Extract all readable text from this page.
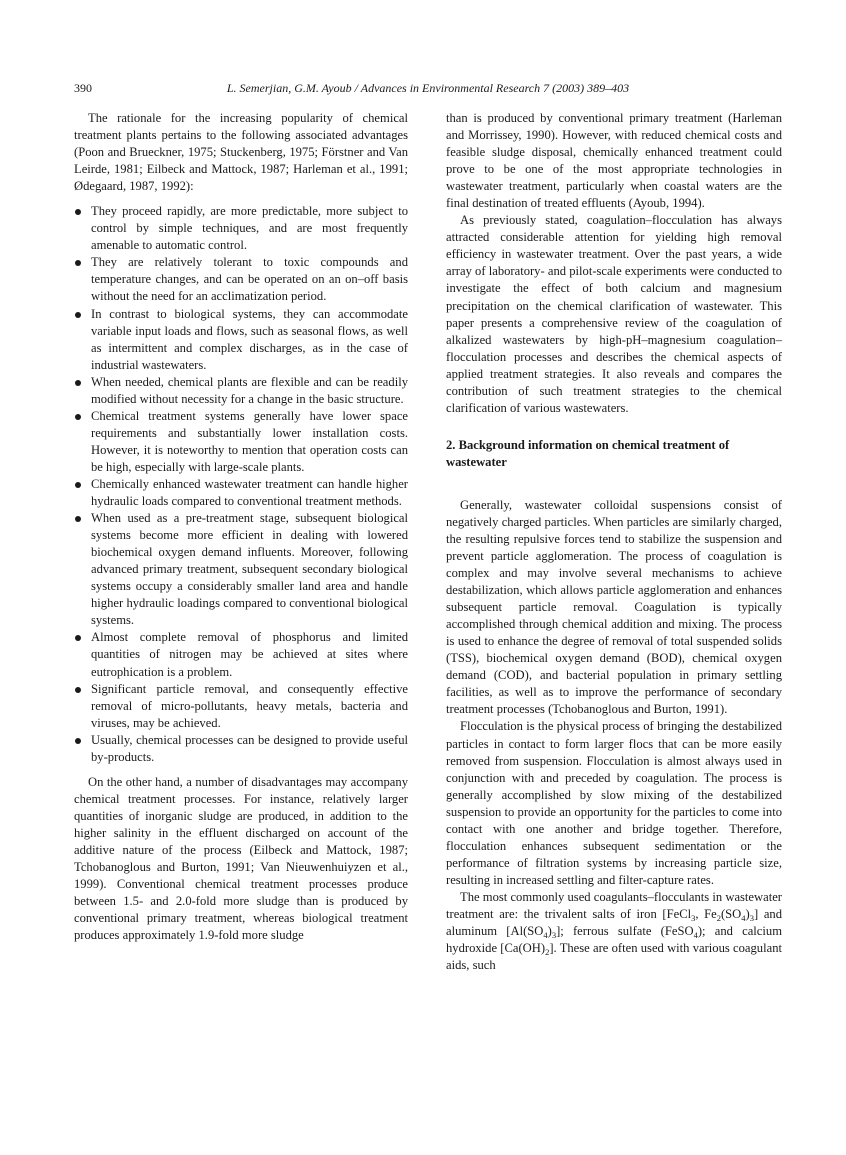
390	L. Semerjian, G.M. Ayoub / Advances in Environmental Research 7 (2003) 389–403

The rationale for the increasing popularity of chemical treatment plants pertains to the following associated advantages (Poon and Brueckner, 1975; Stuckenberg, 1975; Förstner and Van Leirde, 1981; Eilbeck and Mattock, 1987; Harleman et al., 1991; Ødegaard, 1987, 1992):

They proceed rapidly, are more predictable, more subject to control by simple techniques, and are most frequently amenable to automatic control.
They are relatively tolerant to toxic compounds and temperature changes, and can be operated on an on–off basis without the need for an acclimatization period.
In contrast to biological systems, they can accommodate variable input loads and flows, such as seasonal flows, as well as intermittent and complex discharges, as in the case of industrial wastewaters.
When needed, chemical plants are flexible and can be readily modified without necessity for a change in the basic structure.
Chemical treatment systems generally have lower space requirements and substantially lower installation costs. However, it is noteworthy to mention that operation costs can be high, especially with large-scale plants.
Chemically enhanced wastewater treatment can handle higher hydraulic loads compared to conventional treatment methods.
When used as a pre-treatment stage, subsequent biological systems become more efficient in dealing with lowered biochemical oxygen demand influents. Moreover, following advanced primary treatment, subsequent secondary biological systems occupy a considerably smaller land area and handle higher hydraulic loadings compared to conventional biological systems.
Almost complete removal of phosphorus and limited quantities of nitrogen may be achieved at sites where eutrophication is a problem.
Significant particle removal, and consequently effective removal of micro-pollutants, heavy metals, bacteria and viruses, may be achieved.
Usually, chemical processes can be designed to provide useful by-products.

On the other hand, a number of disadvantages may accompany chemical treatment processes. For instance, relatively larger quantities of inorganic sludge are produced, in addition to the higher salinity in the effluent discharged on account of the additive nature of the process (Eilbeck and Mattock, 1987; Tchobanoglous and Burton, 1991; Van Nieuwenhuiyzen et al., 1999). Conventional chemical treatment processes produce between 1.5- and 2.0-fold more sludge than is produced by conventional primary treatment, whereas biological treatment produces approximately 1.9-fold more sludge

than is produced by conventional primary treatment (Harleman and Morrissey, 1990). However, with reduced chemical costs and feasible sludge disposal, chemically enhanced treatment could prove to be one of the most appropriate technologies in wastewater treatment, particularly when coastal waters are the final destination of treated effluents (Ayoub, 1994).

As previously stated, coagulation–flocculation has always attracted considerable attention for yielding high removal efficiency in wastewater treatment. Over the past years, a wide array of laboratory- and pilot-scale experiments were conducted to investigate the effect of both calcium and magnesium precipitation on the chemical clarification of wastewater. This paper presents a comprehensive review of the coagulation of alkalized wastewaters by high-pH–magnesium coagulation–flocculation processes and describes the chemical aspects of applied treatment strategies. It also reveals and compares the contribution of such treatment strategies to the chemical clarification of various wastewaters.

2. Background information on chemical treatment of wastewater

Generally, wastewater colloidal suspensions consist of negatively charged particles. When particles are similarly charged, the resulting repulsive forces tend to stabilize the suspension and prevent particle agglomeration. The process of coagulation is complex and may involve several mechanisms to achieve destabilization, which allows particle agglomeration and enhances subsequent particle removal. Coagulation is typically accomplished through chemical addition and mixing. The process is used to enhance the degree of removal of total suspended solids (TSS), biochemical oxygen demand (BOD), chemical oxygen demand (COD), and bacterial population in primary settling facilities, as well as to improve the performance of secondary treatment processes (Tchobanoglous and Burton, 1991).

Flocculation is the physical process of bringing the destabilized particles in contact to form larger flocs that can be more easily removed from suspension. Flocculation is almost always used in conjunction with and preceded by coagulation. The process is generally accomplished by slow mixing of the destabilized suspension to provide an opportunity for the particles to come into contact with one another and bridge together. Therefore, flocculation enhances subsequent sedimentation or the performance of filtration systems by increasing particle size, resulting in increased settling and filter-capture rates.

The most commonly used coagulants–flocculants in wastewater treatment are: the trivalent salts of iron [FeCl$_3$, $Fe_2(SO_4)_3$] and aluminum $[Al(SO_4)_3]$; ferrous sulfate (FeSO$_4$); and calcium hydroxide $[Ca(OH)_2]$. These are often used with various coagulant aids, such
